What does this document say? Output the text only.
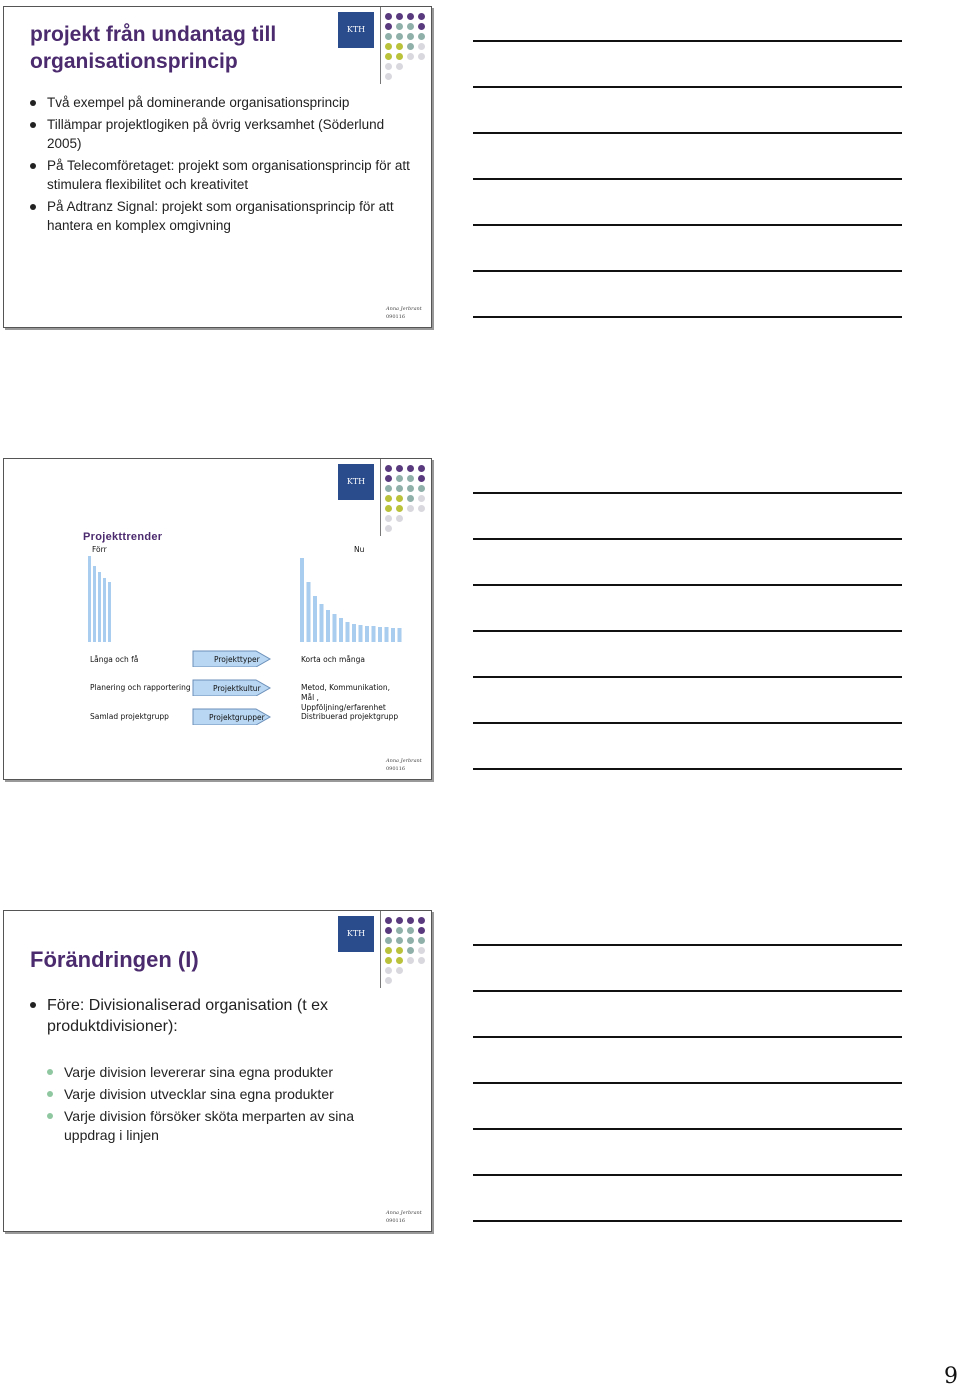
KTH
projekt från undantag till organisationsprincip
Två exempel på dominerande organisationsprincip
Tillämpar projektlogiken på övrig verksamhet (Söderlund 2005)
På Telecomföretaget: projekt som organisationsprincip för att stimulera flexibilitet och kreativitet
På Adtranz Signal: projekt som organisationsprincip för att hantera en komplex omgivning
Anna Jerbrant
090116
KTH
Projekttrender
Förr	Nu
Långa och få	Projekttyper	Korta och många
Planering och rapportering	Projektkultur	Metod, Kommunikation, Mål , Uppföljning/erfarenhet
Samlad projektgrupp	Projektgrupper	Distribuerad projektgrupp
Anna Jerbrant
090116
KTH
Förändringen (I)
Före: Divisionaliserad organisation (t ex produktdivisioner):
Varje division levererar sina egna produkter
Varje division utvecklar sina egna produkter
Varje division försöker sköta merparten av sina uppdrag i linjen
Anna Jerbrant
090116
9
